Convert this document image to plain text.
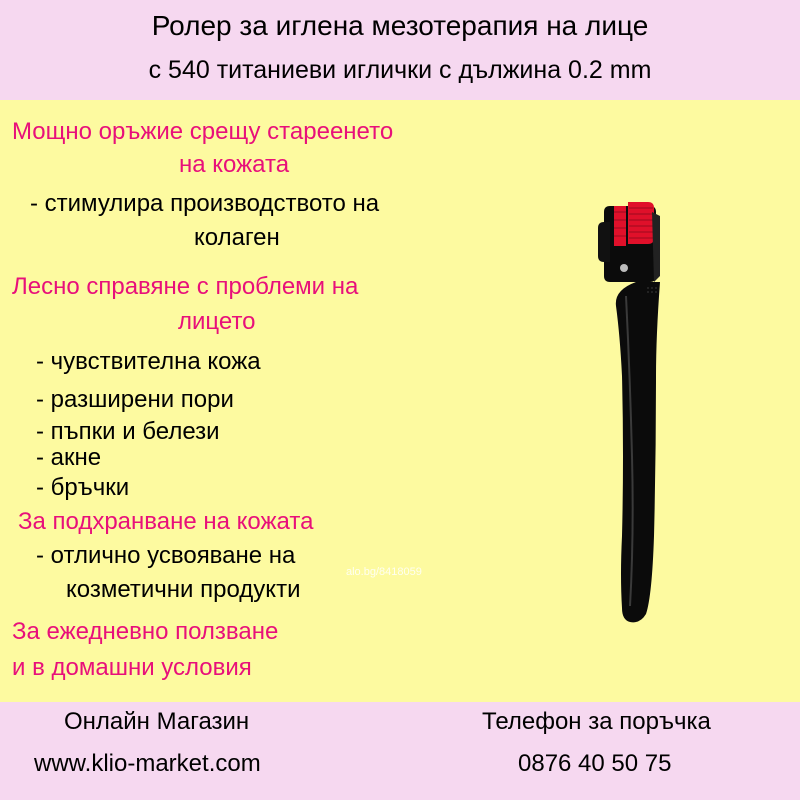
Ролер за иглена мезотерапия на лице
с 540 титаниеви иглички с дължина 0.2 mm
Мощно оръжие срещу стареенето
на кожата
- стимулира производството на
колаген
Лесно справяне с проблеми на
лицето
- чувствителна кожа
- разширени пори
- пъпки и белези
- акне
- бръчки
За подхранване на кожата
- отлично усвояване на
козметични продукти
alo.bg/8418059
За ежедневно ползване
и в домашни условия
Онлайн Магазин
www.klio-market.com
Телефон за поръчка
0876 40 50 75
